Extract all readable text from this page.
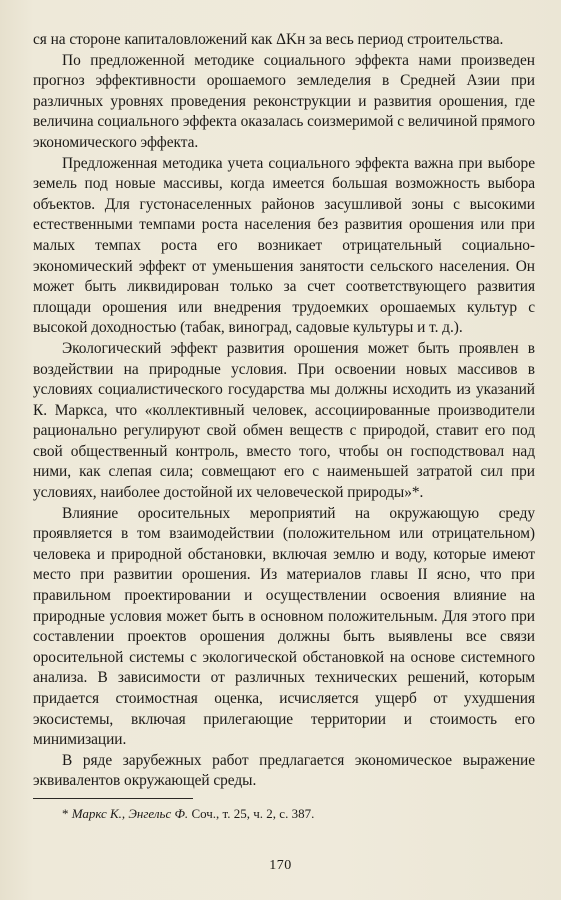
ся на стороне капиталовложений как ΔKн за весь период строительства.

По предложенной методике социального эффекта нами произведен прогноз эффективности орошаемого земледелия в Средней Азии при различных уровнях проведения реконструкции и развития орошения, где величина социального эффекта оказалась соизмеримой с величиной прямого экономического эффекта.

Предложенная методика учета социального эффекта важна при выборе земель под новые массивы, когда имеется большая возможность выбора объектов. Для густонаселенных районов засушливой зоны с высокими естественными темпами роста населения без развития орошения или при малых темпах роста его возникает отрицательный социально-экономический эффект от уменьшения занятости сельского населения. Он может быть ликвидирован только за счет соответствующего развития площади орошения или внедрения трудоемких орошаемых культур с высокой доходностью (табак, виноград, садовые культуры и т. д.).

Экологический эффект развития орошения может быть проявлен в воздействии на природные условия. При освоении новых массивов в условиях социалистического государства мы должны исходить из указаний К. Маркса, что «коллективный человек, ассоциированные производители рационально регулируют свой обмен веществ с природой, ставит его под свой общественный контроль, вместо того, чтобы он господствовал над ними, как слепая сила; совмещают его с наименьшей затратой сил при условиях, наиболее достойной их человеческой природы»*.

Влияние оросительных мероприятий на окружающую среду проявляется в том взаимодействии (положительном или отрицательном) человека и природной обстановки, включая землю и воду, которые имеют место при развитии орошения. Из материалов главы II ясно, что при правильном проектировании и осуществлении освоения влияние на природные условия может быть в основном положительным. Для этого при составлении проектов орошения должны быть выявлены все связи оросительной системы с экологической обстановкой на основе системного анализа. В зависимости от различных технических решений, которым придается стоимостная оценка, исчисляется ущерб от ухудшения экосистемы, включая прилегающие территории и стоимость его минимизации.

В ряде зарубежных работ предлагается экономическое выражение эквивалентов окружающей среды.

* Маркс К., Энгельс Ф. Соч., т. 25, ч. 2, с. 387.

170
